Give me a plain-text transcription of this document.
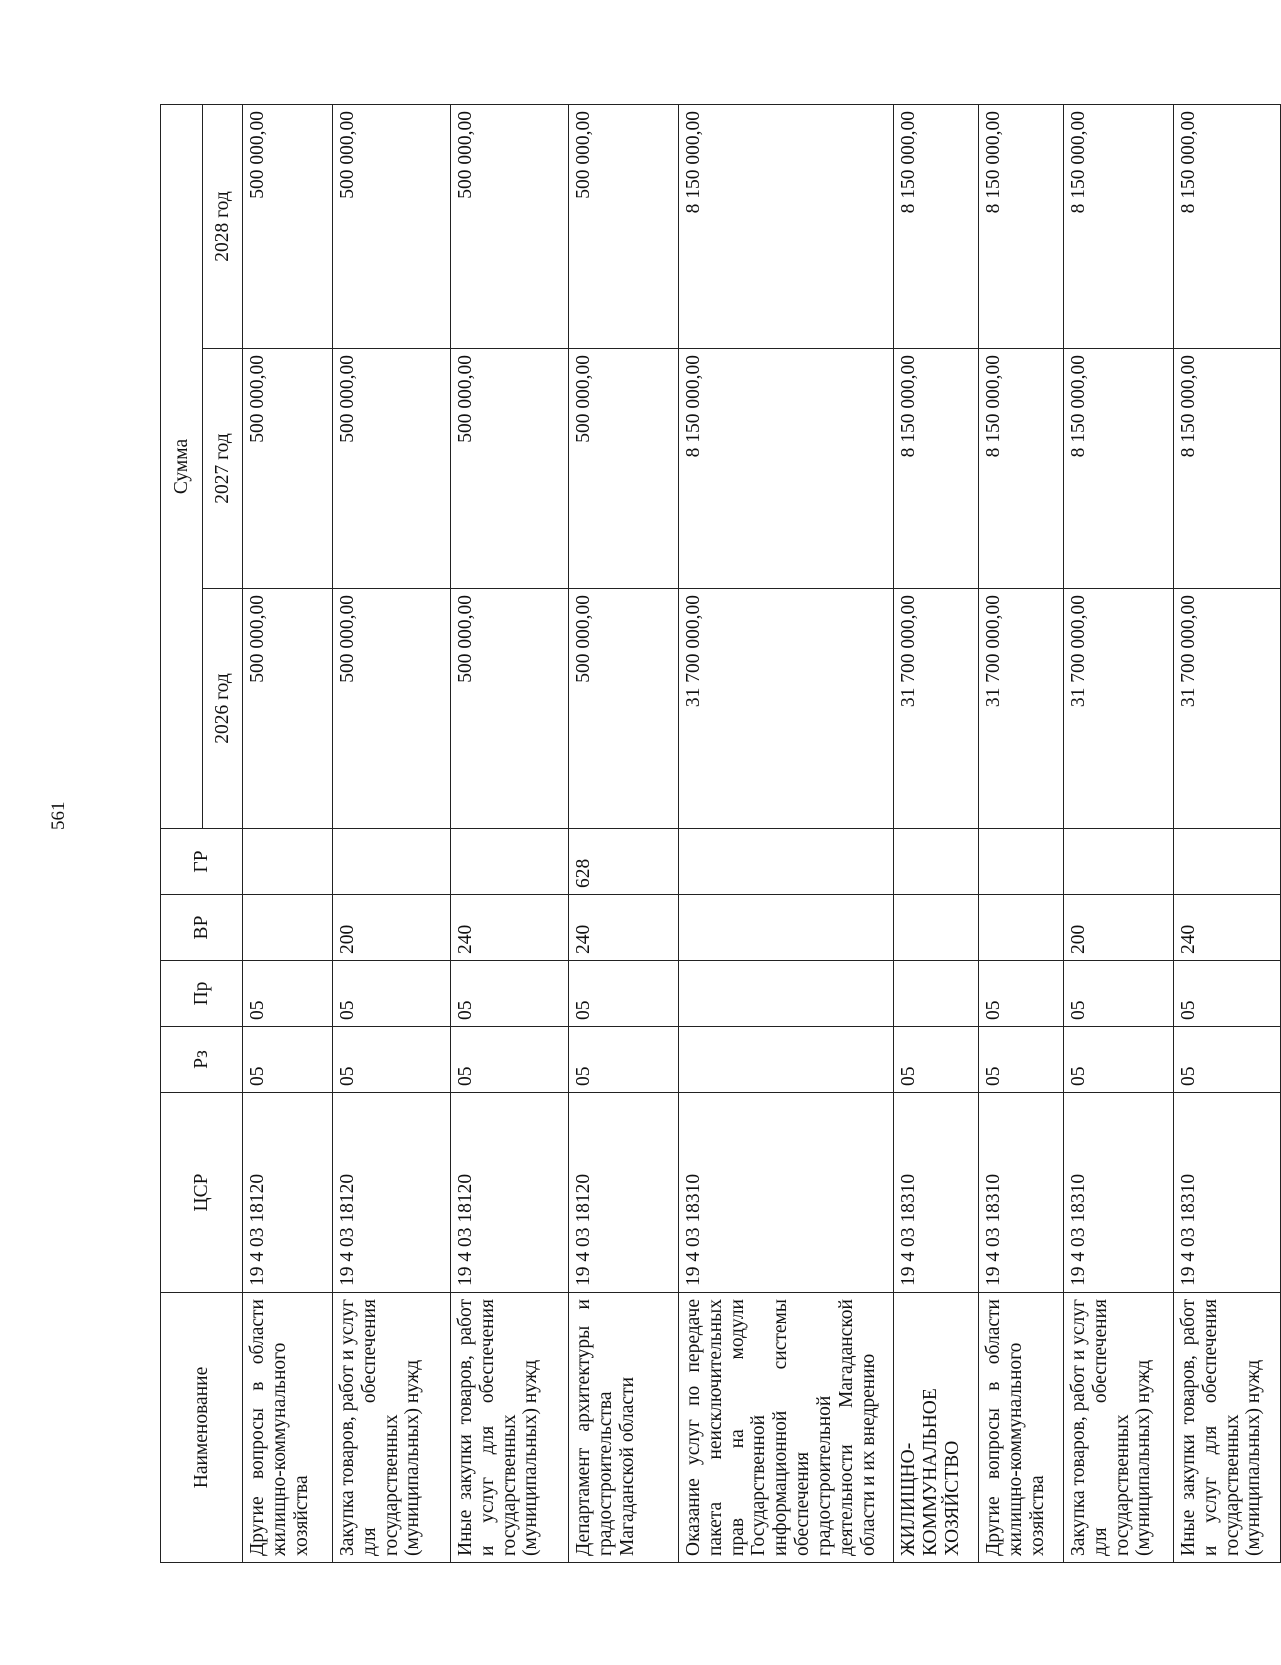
561
Наименование	ЦСР	Рз	Пр	ВР	ГР	Сумма		
						2026 год	2027 год	2028 год
Другие вопросы в области жилищно-коммунального хозяйства	19 4 03 18120	05	05			500 000,00	500 000,00	500 000,00
Закупка товаров, работ и услуг для обеспечения государственных (муниципальных) нужд	19 4 03 18120	05	05	200		500 000,00	500 000,00	500 000,00
Иные закупки товаров, работ и услуг для обеспечения государственных (муниципальных) нужд	19 4 03 18120	05	05	240		500 000,00	500 000,00	500 000,00
Департамент архитектуры и градостроительства Магаданской области	19 4 03 18120	05	05	240	628	500 000,00	500 000,00	500 000,00
Оказание услуг по передаче пакета неисключительных прав на модули Государственной информационной системы обеспечения градостроительной деятельности Магаданской области и их внедрению	19 4 03 18310					31 700 000,00	8 150 000,00	8 150 000,00
ЖИЛИЩНО-КОММУНАЛЬНОЕ ХОЗЯЙСТВО	19 4 03 18310	05				31 700 000,00	8 150 000,00	8 150 000,00
Другие вопросы в области жилищно-коммунального хозяйства	19 4 03 18310	05	05			31 700 000,00	8 150 000,00	8 150 000,00
Закупка товаров, работ и услуг для обеспечения государственных (муниципальных) нужд	19 4 03 18310	05	05	200		31 700 000,00	8 150 000,00	8 150 000,00
Иные закупки товаров, работ и услуг для обеспечения государственных (муниципальных) нужд	19 4 03 18310	05	05	240		31 700 000,00	8 150 000,00	8 150 000,00
